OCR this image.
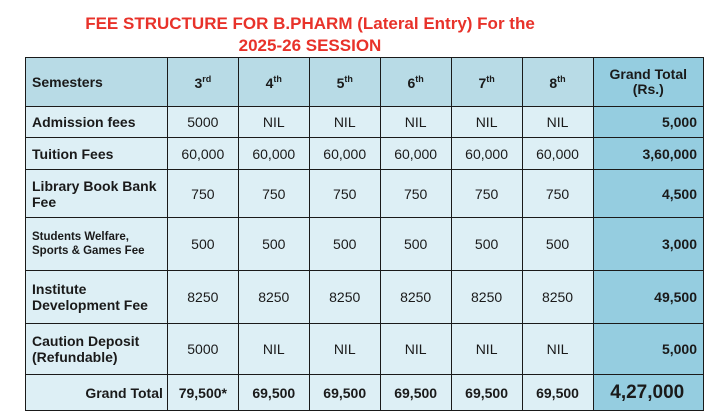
FEE STRUCTURE FOR B.PHARM (Lateral Entry) For the
2025-26 SESSION
Semesters	3rd	4th	5th	6th	7th	8th	Grand Total
(Rs.)

Admission fees	5000	NIL	NIL	NIL	NIL	NIL	5,000
Tuition Fees	60,000	60,000	60,000	60,000	60,000	60,000	3,60,000
Library Book Bank Fee	750	750	750	750	750	750	4,500
Students Welfare, Sports & Games Fee	500	500	500	500	500	500	3,000
Institute Development Fee	8250	8250	8250	8250	8250	8250	49,500
Caution Deposit (Refundable)	5000	NIL	NIL	NIL	NIL	NIL	5,000
Grand Total	79,500*	69,500	69,500	69,500	69,500	69,500	4,27,000
